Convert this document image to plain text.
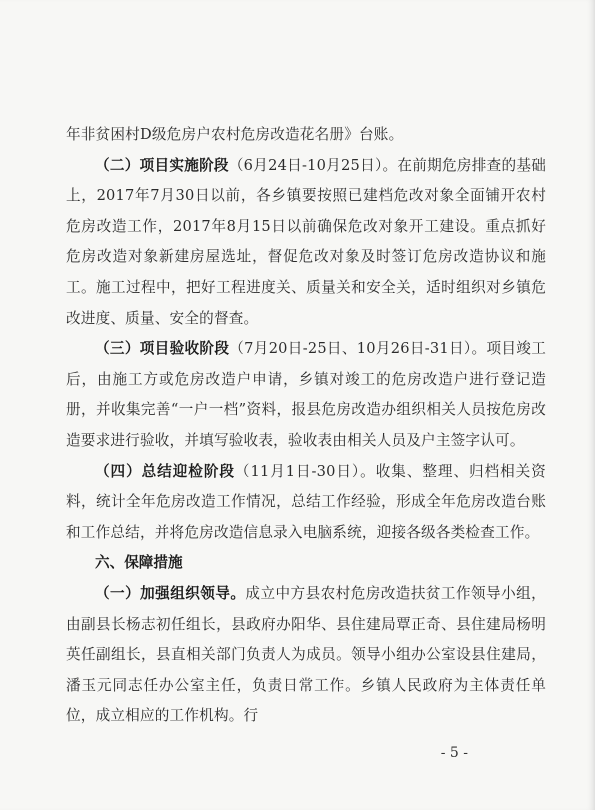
年非贫困村D级危房户农村危房改造花名册》台账。

（二）项目实施阶段（6月24日-10月25日）。在前期危房排查的基础上，2017年7月30日以前，各乡镇要按照已建档危改对象全面铺开农村危房改造工作，2017年8月15日以前确保危改对象开工建设。重点抓好危房改造对象新建房屋选址，督促危改对象及时签订危房改造协议和施工。施工过程中，把好工程进度关、质量关和安全关，适时组织对乡镇危改进度、质量、安全的督查。

（三）项目验收阶段（7月20日-25日、10月26日-31日）。项目竣工后，由施工方或危房改造户申请，乡镇对竣工的危房改造户进行登记造册，并收集完善“一户一档”资料，报县危房改造办组织相关人员按危房改造要求进行验收，并填写验收表，验收表由相关人员及户主签字认可。

（四）总结迎检阶段（11月1日-30日）。收集、整理、归档相关资料，统计全年危房改造工作情况，总结工作经验，形成全年危房改造台账和工作总结，并将危房改造信息录入电脑系统，迎接各级各类检查工作。

六、保障措施

（一）加强组织领导。成立中方县农村危房改造扶贫工作领导小组，由副县长杨志初任组长，县政府办阳华、县住建局覃正奇、县住建局杨明英任副组长，县直相关部门负责人为成员。领导小组办公室设县住建局，潘玉元同志任办公室主任，负责日常工作。乡镇人民政府为主体责任单位，成立相应的工作机构。行

- 5 -
